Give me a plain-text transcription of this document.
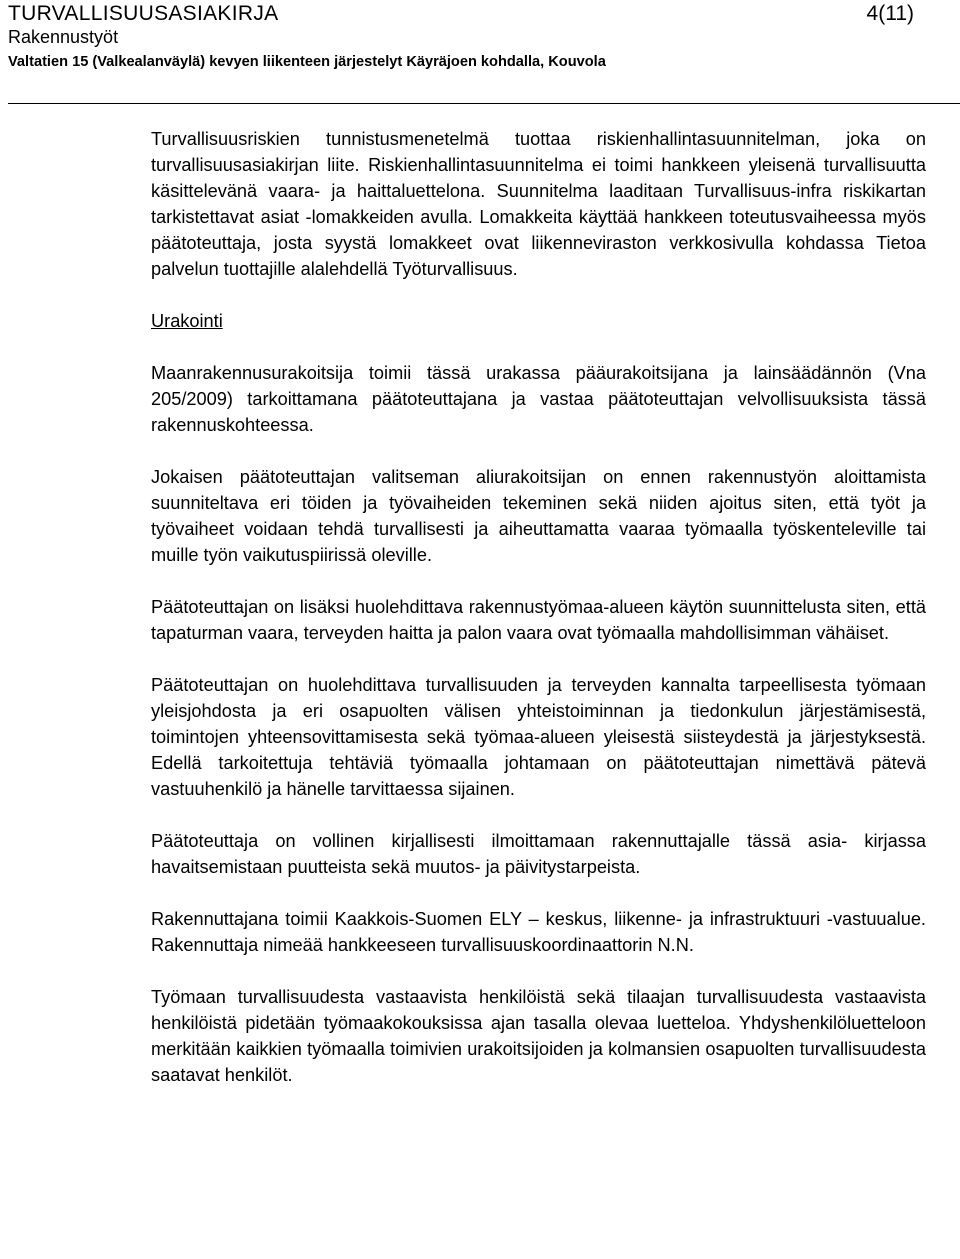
TURVALLISUUSASIAKIRJA	4(11)
Rakennustyöt
Valtatien 15 (Valkealanväylä) kevyen liikenteen järjestelyt Käyräjoen kohdalla, Kouvola

Turvallisuusriskien tunnistusmenetelmä tuottaa riskienhallintasuunnitelman, joka on turvallisuusasiakirjan liite. Riskienhallintasuunnitelma ei toimi hankkeen yleisenä turvallisuutta käsittelevänä vaara- ja haittaluettelona. Suunnitelma laaditaan Turvallisuus-infra riskikartan tarkistettavat asiat -lomakkeiden avulla. Lomakkeita käyttää hankkeen toteutusvaiheessa myös päätoteuttaja, josta syystä lomakkeet ovat liikenneviraston verkkosivulla kohdassa Tietoa palvelun tuottajille alalehdellä Työturvallisuus.

Urakointi

Maanrakennusurakoitsija toimii tässä urakassa pääurakoitsijana ja lainsäädännön (Vna 205/2009) tarkoittamana päätoteuttajana ja vastaa päätoteuttajan velvollisuuksista tässä rakennuskohteessa.

Jokaisen päätoteuttajan valitseman aliurakoitsijan on ennen rakennustyön aloittamista suunniteltava eri töiden ja työvaiheiden tekeminen sekä niiden ajoitus siten, että työt ja työvaiheet voidaan tehdä turvallisesti ja aiheuttamatta vaaraa työmaalla työskenteleville tai muille työn vaikutuspiirissä oleville.

Päätoteuttajan on lisäksi huolehdittava rakennustyömaa-alueen käytön suunnittelusta siten, että tapaturman vaara, terveyden haitta ja palon vaara ovat työmaalla mahdollisimman vähäiset.

Päätoteuttajan on huolehdittava turvallisuuden ja terveyden kannalta tarpeellisesta työmaan yleisjohdosta ja eri osapuolten välisen yhteistoiminnan ja tiedonkulun järjestämisestä, toimintojen yhteensovittamisesta sekä työmaa-alueen yleisestä siisteydestä ja järjestyksestä. Edellä tarkoitettuja tehtäviä työmaalla johtamaan on päätoteuttajan nimettävä pätevä vastuuhenkilö ja hänelle tarvittaessa sijainen.

Päätoteuttaja on vollinen kirjallisesti ilmoittamaan rakennuttajalle tässä asia- kirjassa havaitsemistaan puutteista sekä muutos- ja päivitystarpeista.

Rakennuttajana toimii Kaakkois-Suomen ELY – keskus, liikenne- ja infrastruktuuri -vastuualue. Rakennuttaja nimeää hankkeeseen turvallisuuskoordinaattorin N.N.

Työmaan turvallisuudesta vastaavista henkilöistä sekä tilaajan turvallisuudesta vastaavista henkilöistä pidetään työmaakokouksissa ajan tasalla olevaa luetteloa. Yhdyshenkilöluetteloon merkitään kaikkien työmaalla toimivien urakoitsijoiden ja kolmansien osapuolten turvallisuudesta saatavat henkilöt.
